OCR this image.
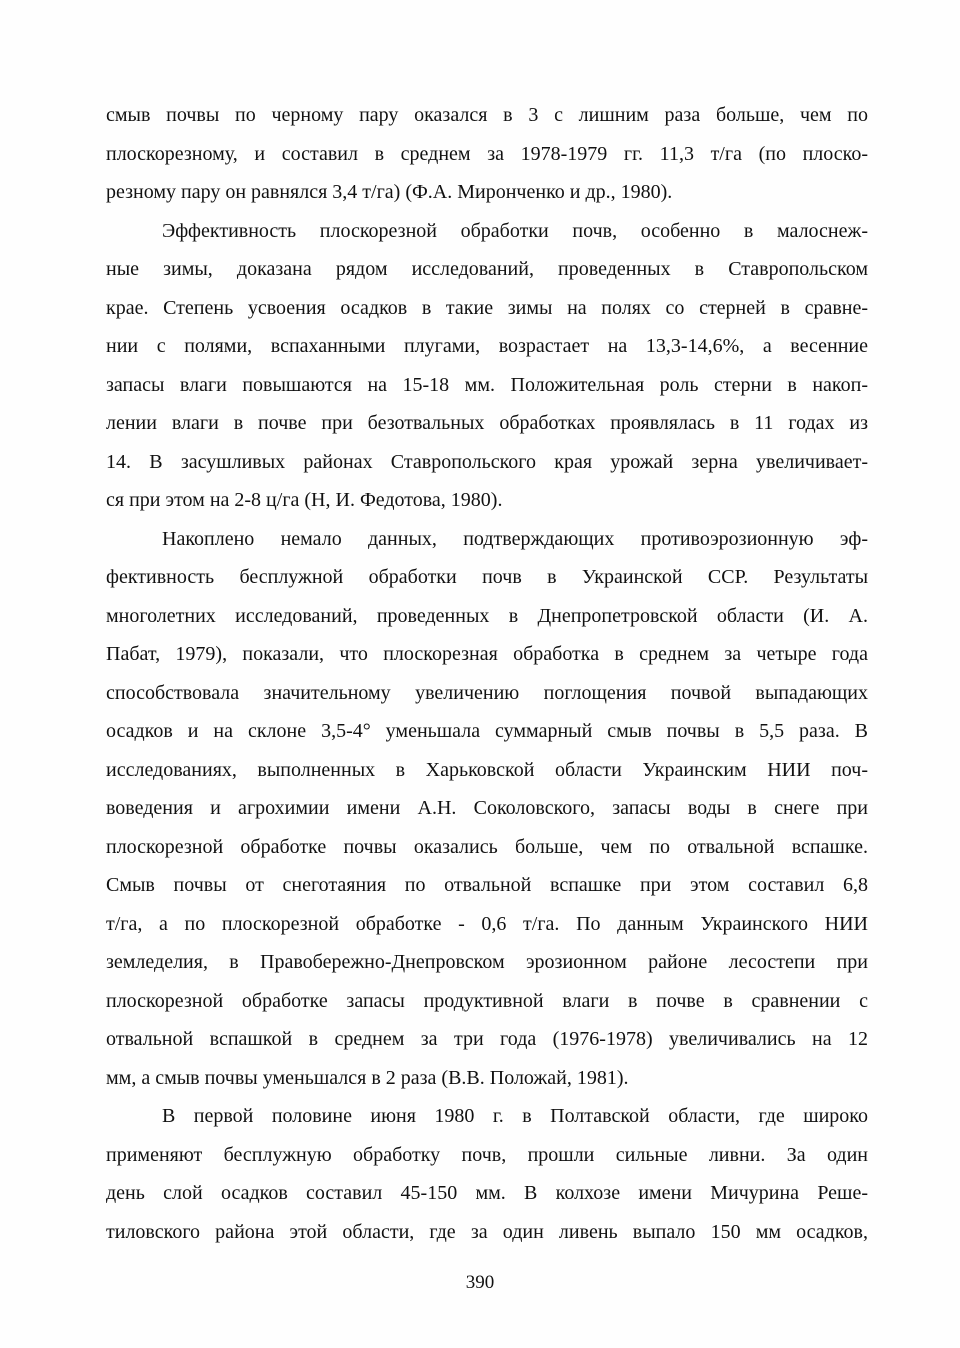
смыв почвы по черному пару оказался в 3 с лишним раза больше, чем по
плоскорезному, и составил в среднем за 1978-1979 гг. 11,3 т/га (по плоско-
резному пару он равнялся 3,4 т/га) (Ф.А. Миронченко и др., 1980).
Эффективность плоскорезной обработки почв, особенно в малоснеж-
ные зимы, доказана рядом исследований, проведенных в Ставропольском
крае. Степень усвоения осадков в такие зимы на полях со стерней в сравне-
нии с полями, вспаханными плугами, возрастает на 13,3-14,6%, а весенние
запасы влаги повышаются на 15-18 мм. Положительная роль стерни в накоп-
лении влаги в почве при безотвальных обработках проявлялась в 11 годах из
14. В засушливых районах Ставропольского края урожай зерна увеличивает-
ся при этом на 2-8 ц/га (Н, И. Федотова, 1980).
Накоплено немало данных, подтверждающих противоэрозионную эф-
фективность бесплужной обработки почв в Украинской ССР. Результаты
многолетних исследований, проведенных в Днепропетровской области (И. А.
Пабат, 1979), показали, что плоскорезная обработка в среднем за четыре года
способствовала значительному увеличению поглощения почвой выпадающих
осадков и на склоне 3,5-4° уменьшала суммарный смыв почвы в 5,5 раза. В
исследованиях, выполненных в Харьковской области Украинским НИИ поч-
воведения и агрохимии имени А.Н. Соколовского, запасы воды в снеге при
плоскорезной обработке почвы оказались больше, чем по отвальной вспашке.
Смыв почвы от снеготаяния по отвальной вспашке при этом составил 6,8
т/га, а по плоскорезной обработке - 0,6 т/га. По данным Украинского НИИ
земледелия, в Правобережно-Днепровском эрозионном районе лесостепи при
плоскорезной обработке запасы продуктивной влаги в почве в сравнении с
отвальной вспашкой в среднем за три года (1976-1978) увеличивались на 12
мм, а смыв почвы уменьшался в 2 раза (В.В. Положай, 1981).
В первой половине июня 1980 г. в Полтавской области, где широко
применяют бесплужную обработку почв, прошли сильные ливни. За один
день слой осадков составил 45-150 мм. В колхозе имени Мичурина Реше-
тиловского района этой области, где за один ливень выпало 150 мм осадков,
390
